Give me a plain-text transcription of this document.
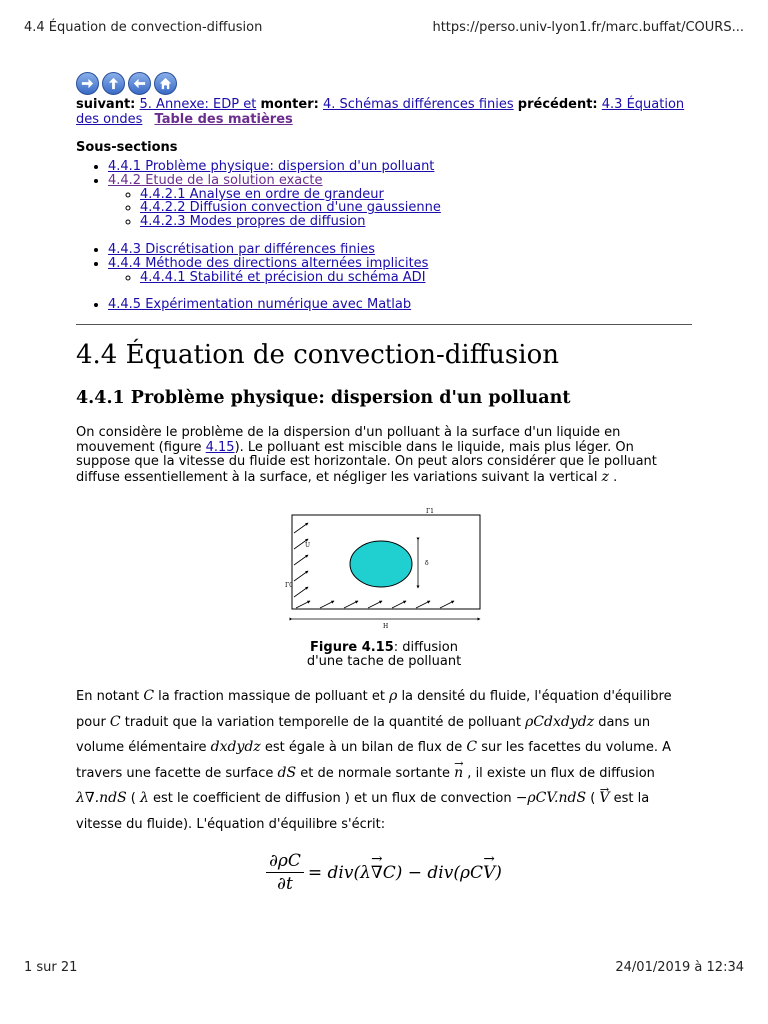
4.4 Équation de convection-diffusion	https://perso.univ-lyon1.fr/marc.buffat/COURS...
suivant: 5. Annexe: EDP et monter: 4. Schémas différences finies précédent: 4.3 Équation des ondes Table des matières
Sous-sections
• 4.4.1 Problème physique: dispersion d'un polluant
• 4.4.2 Etude de la solution exacte
◦ 4.4.2.1 Analyse en ordre de grandeur
◦ 4.4.2.2 Diffusion convection d'une gaussienne
◦ 4.4.2.3 Modes propres de diffusion
• 4.4.3 Discrétisation par différences finies
• 4.4.4 Méthode des directions alternées implicites
◦ 4.4.4.1 Stabilité et précision du schéma ADI
• 4.4.5 Expérimentation numérique avec Matlab
4.4 Équation de convection-diffusion
4.4.1 Problème physique: dispersion d'un polluant

On considère le problème de la dispersion d'un polluant à la surface d'un liquide en mouvement (figure 4.15). Le polluant est miscible dans le liquide, mais plus léger. On suppose que la vitesse du fluide est horizontale. On peut alors considérer que le polluant diffuse essentiellement à la surface, et négliger les variations suivant la vertical z .

Γ1
Γ0
U
δ
H
Figure 4.15: diffusion d'une tache de polluant

En notant C la fraction massique de polluant et ρ la densité du fluide, l'équation d'équilibre pour C traduit que la variation temporelle de la quantité de polluant ρCdxdydz dans un volume élémentaire dxdydz est égale à un bilan de flux de C sur les facettes du volume. A travers une facette de surface dS et de normale sortante → n , il existe un flux de diffusion λ∇.ndS ( λ est le coefficient de diffusion ) et un flux de convection −ρCV.ndS ( → V est la vitesse du fluide). L'équation d'équilibre s'écrit:

$\frac{\partial\rho C}{\partial t} = div(\lambda$ → ∇ C) − div(ρC → V )
1 sur 21	24/01/2019 à 12:34
